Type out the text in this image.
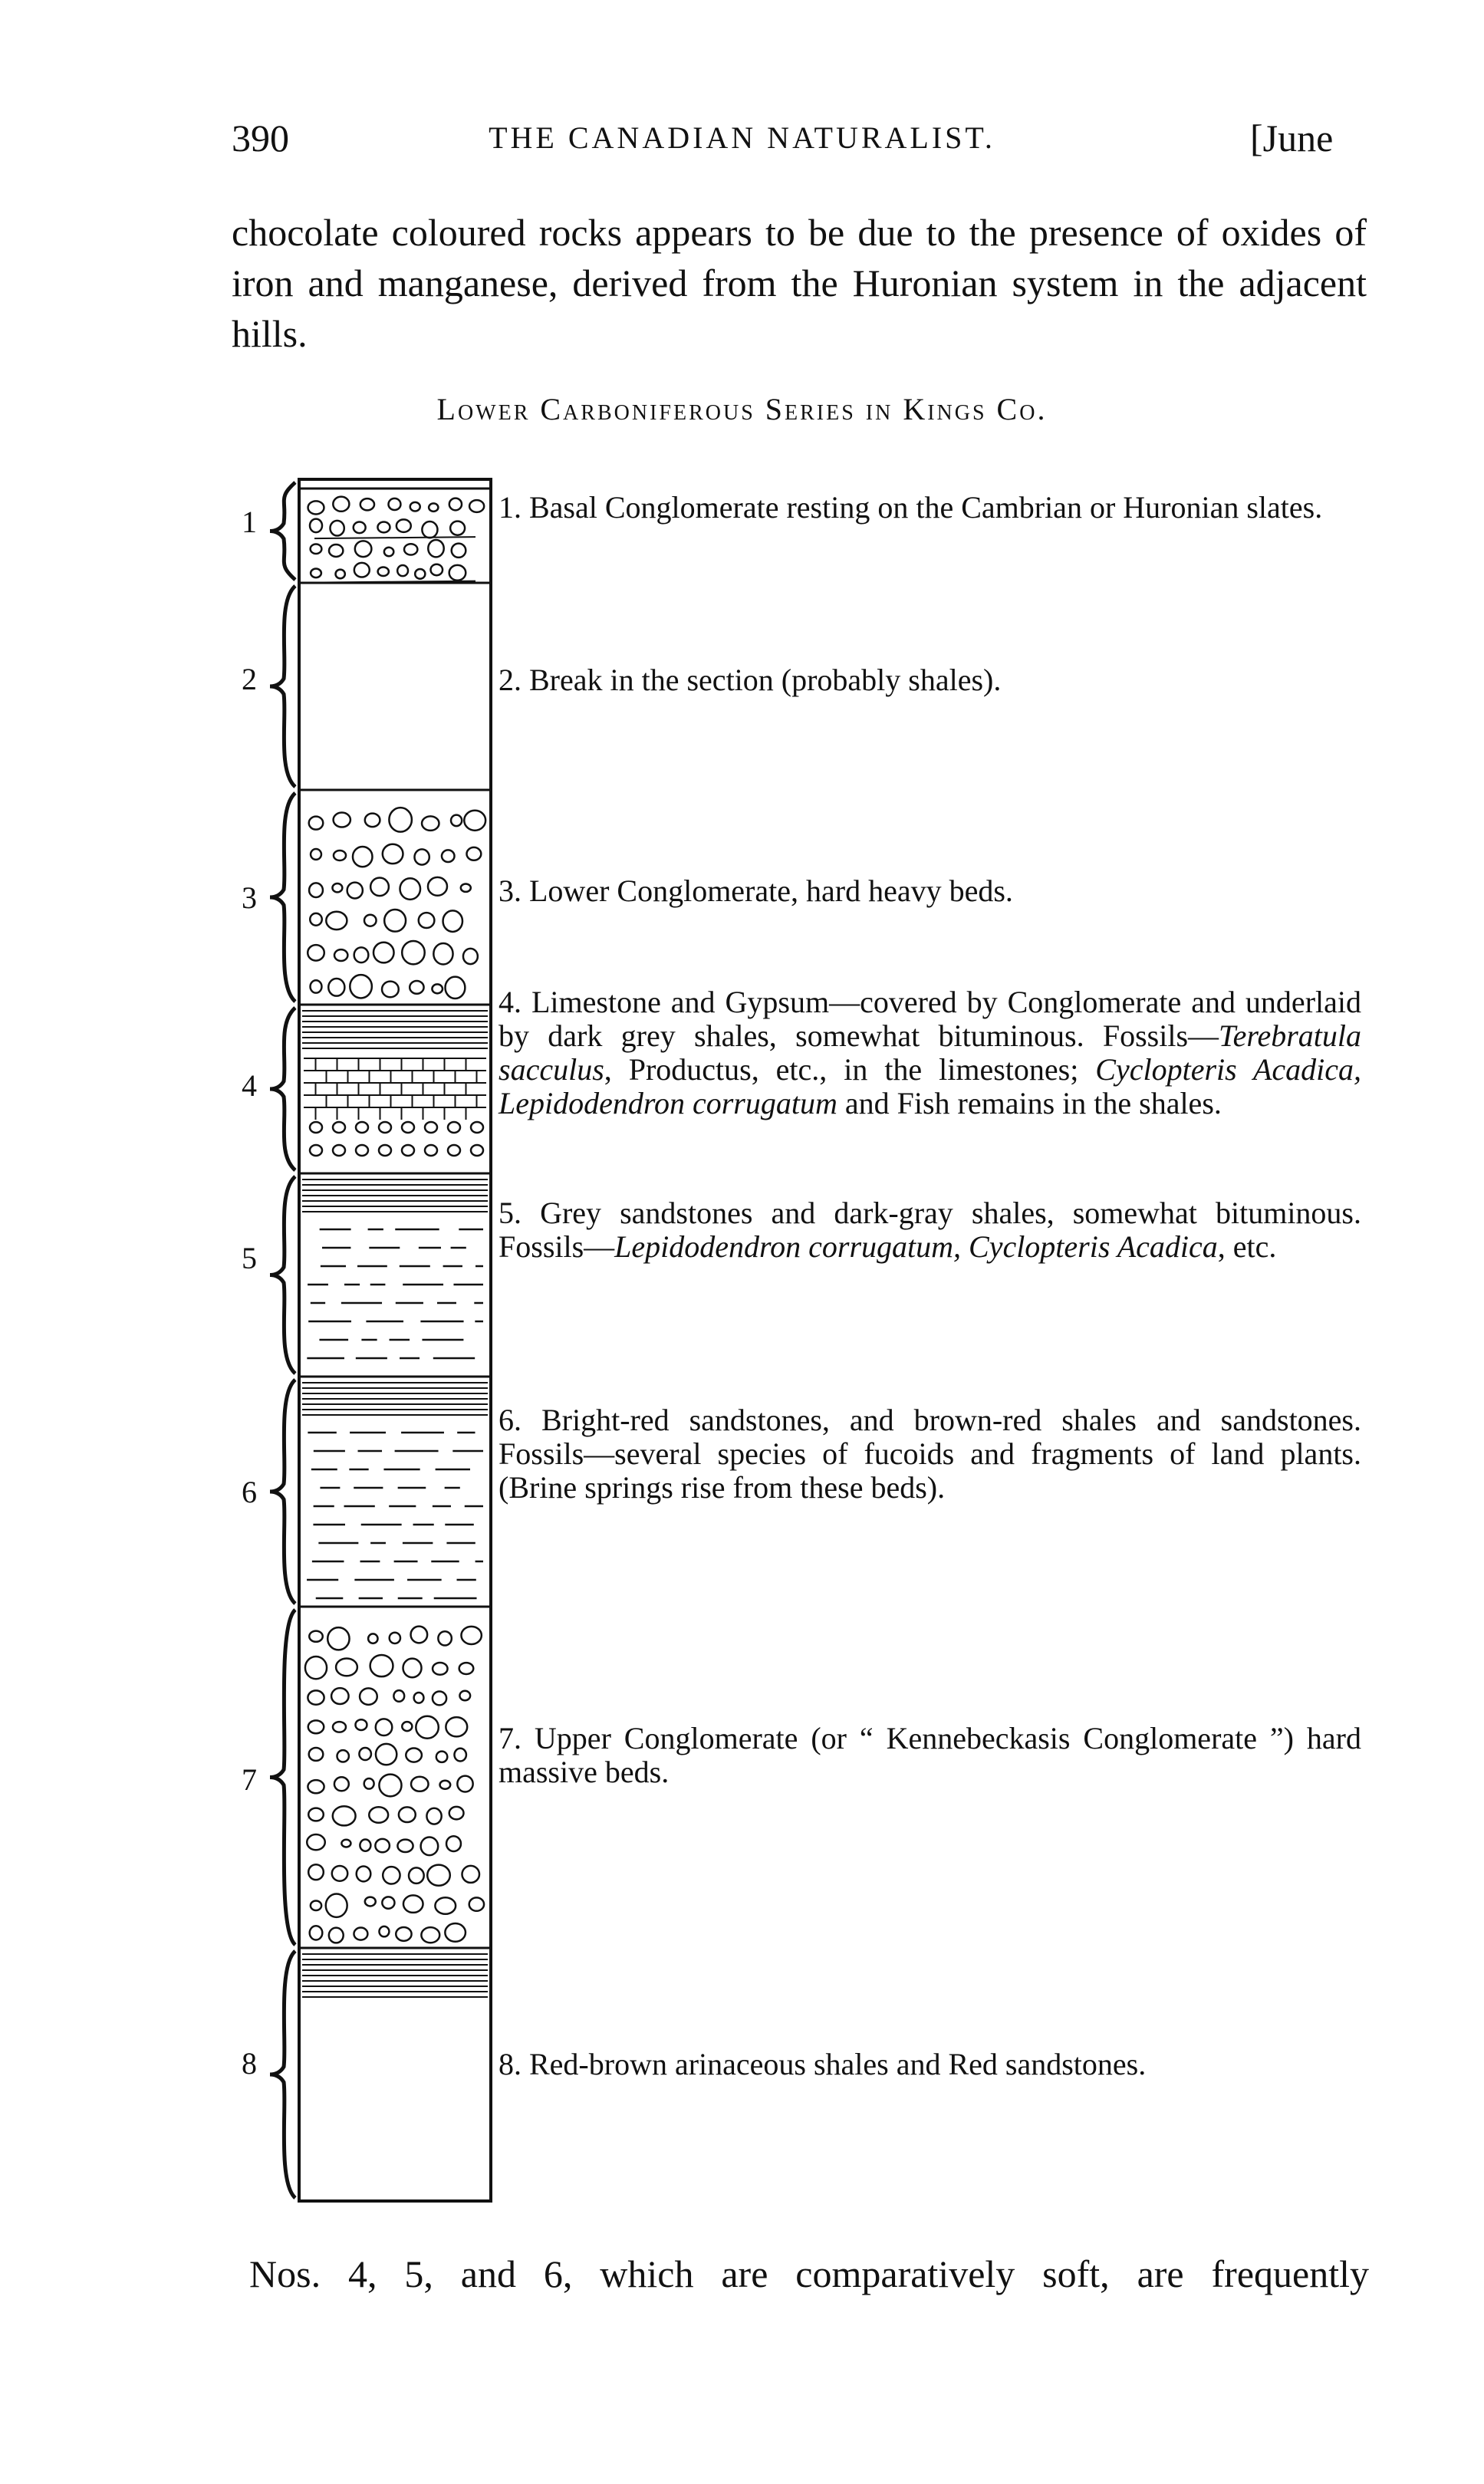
THE CANADIAN NATURALIST.
390	[June
chocolate coloured rocks appears to be due to the presence of oxides of iron and manganese, derived from the Huronian system in the adjacent hills.
Lower Carboniferous Series in Kings Co.
1
2
3
4
5
6
7
8
Nos. 4, 5, and 6, which are comparatively soft, are frequently
1. Basal Conglomerate resting on the Cambrian or Huronian slates.
2. Break in the section (probably shales).
3. Lower Conglomerate, hard heavy beds.
4. Limestone and Gypsum—covered by Conglomerate and underlaid by dark grey shales, somewhat bituminous. Fossils—Terebratula sacculus, Productus, etc., in the limestones; Cyclopteris Acadica, Lepidodendron corrugatum and Fish remains in the shales.
5. Grey sandstones and dark-gray shales, somewhat bituminous. Fossils—Lepidodendron corrugatum, Cyclopteris Acadica, etc.
6. Bright-red sandstones, and brown-red shales and sandstones. Fossils—several species of fucoids and fragments of land plants. (Brine springs rise from these beds).
7. Upper Conglomerate (or “ Kennebeckasis Conglomerate ”) hard massive beds.
8. Red-brown arinaceous shales and Red sandstones.
